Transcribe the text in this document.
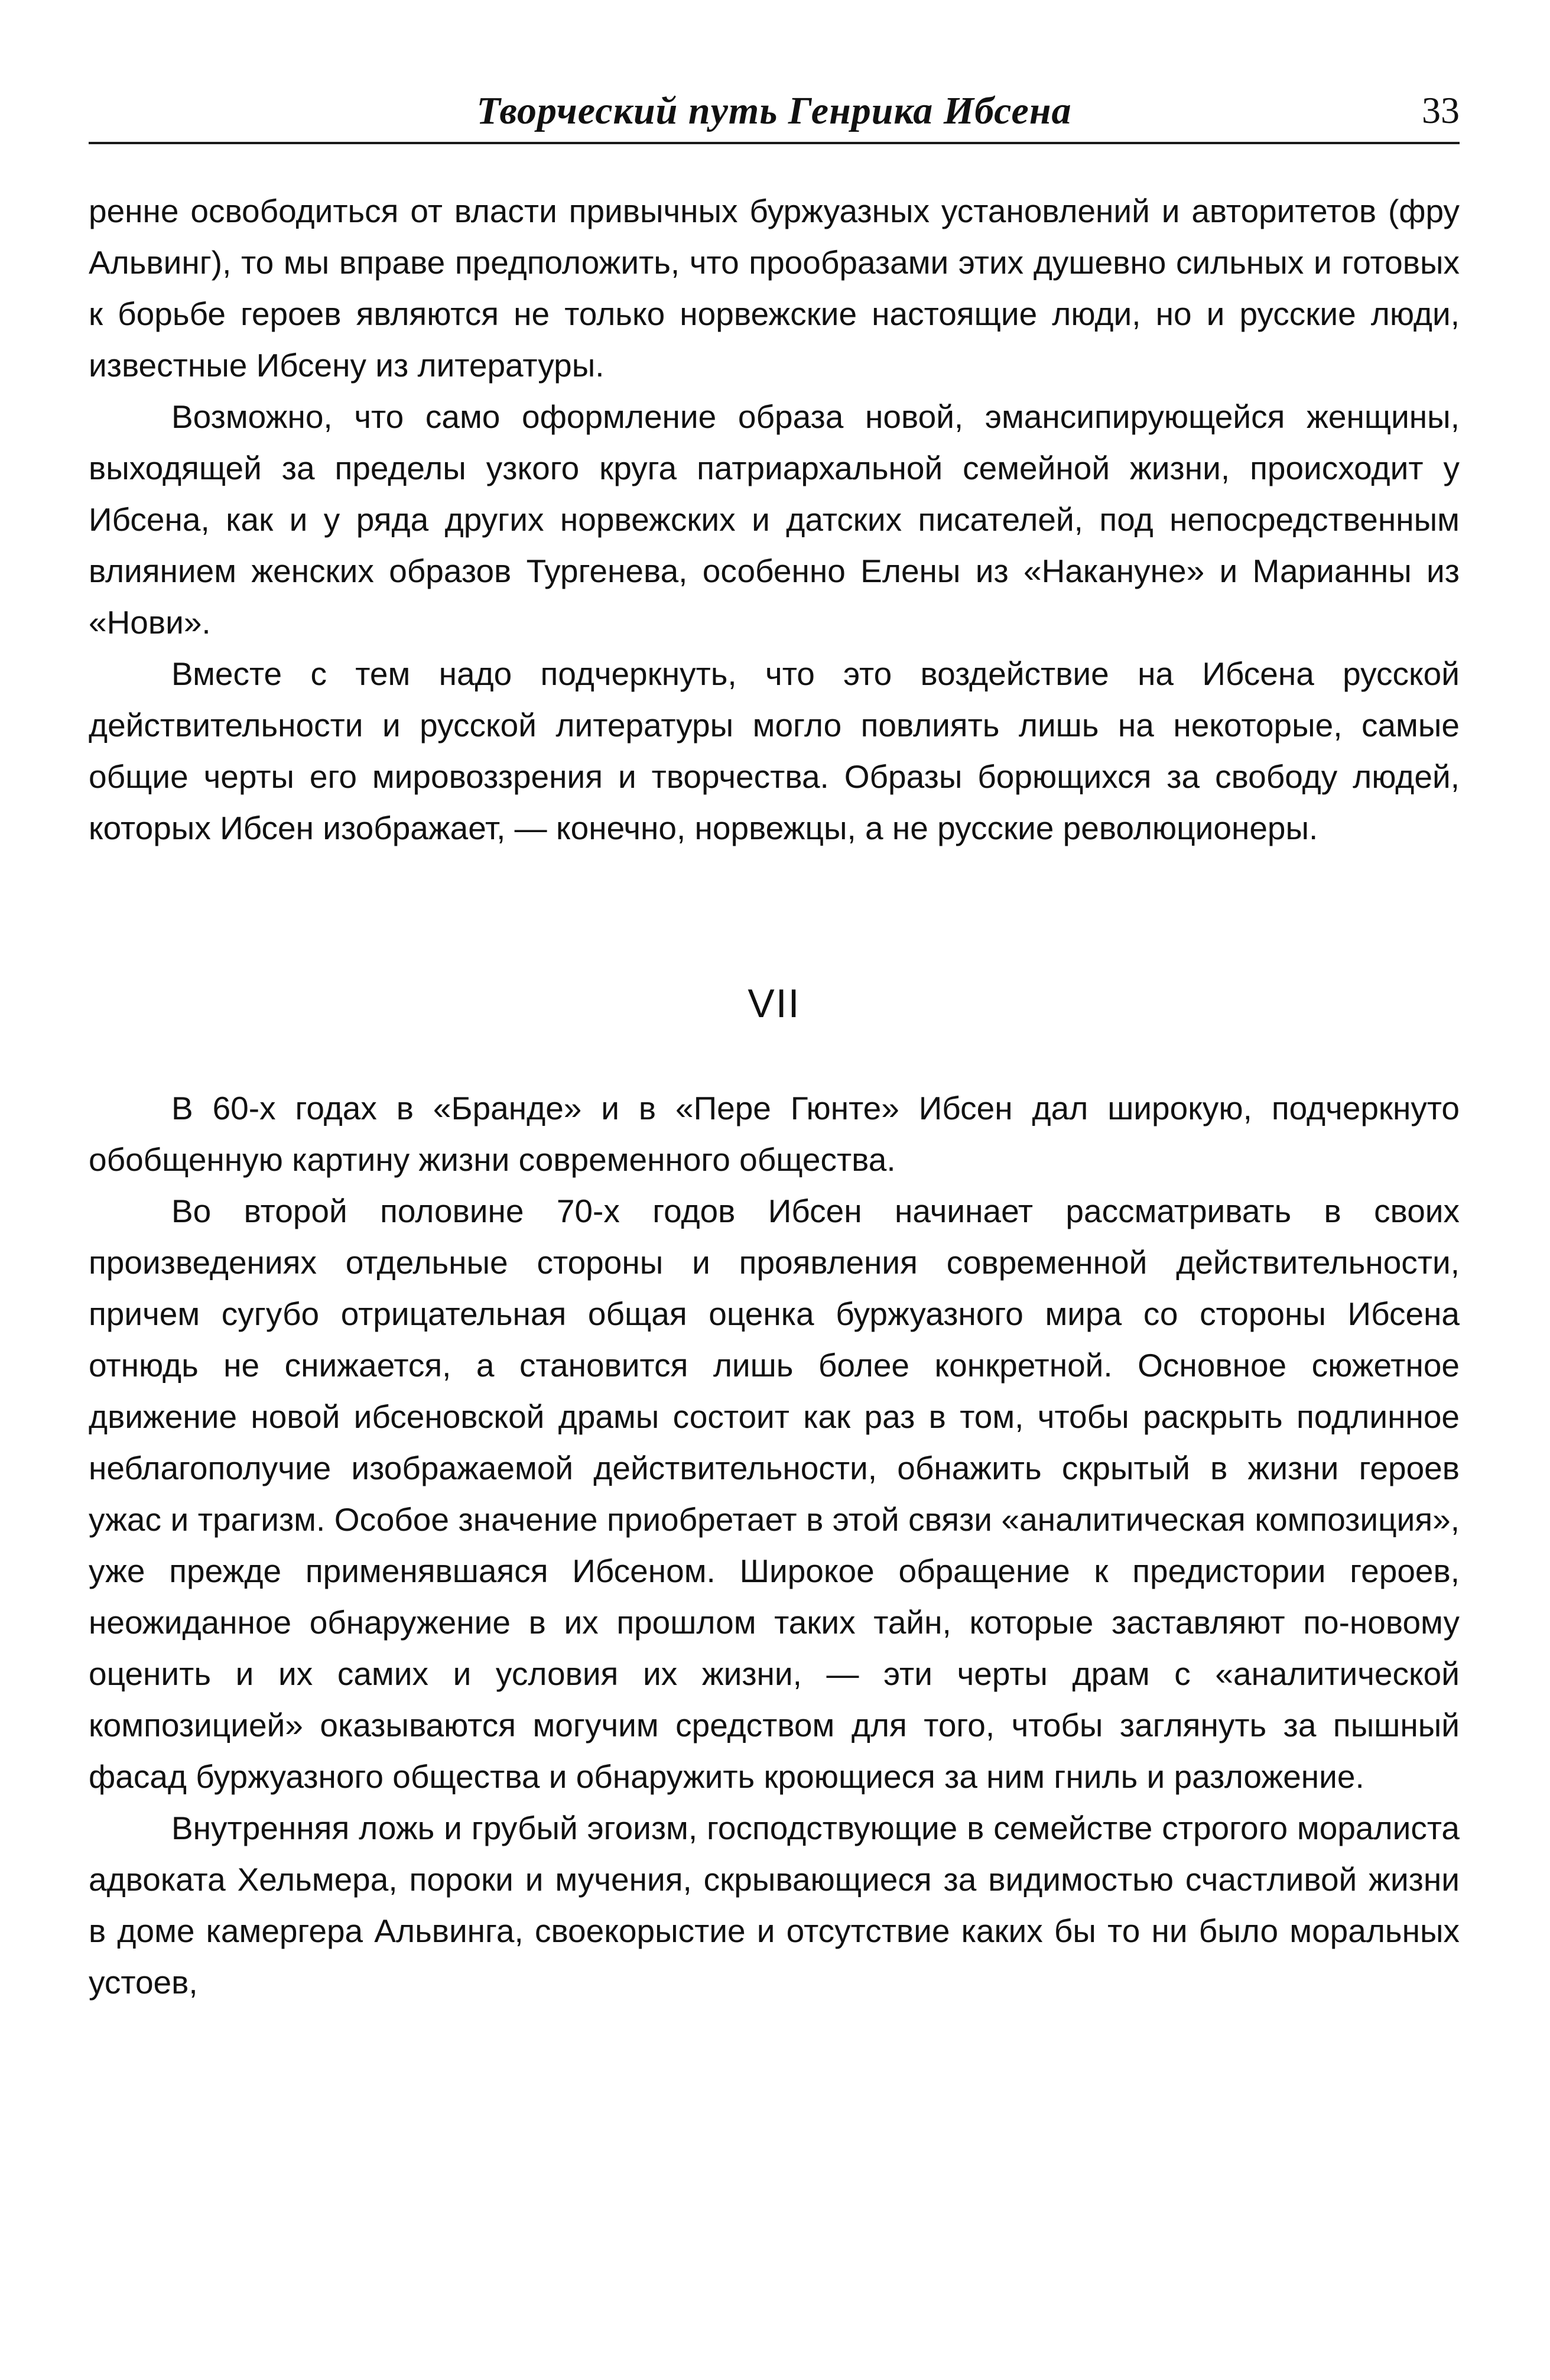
Творческий путь Генрика Ибсена	33

ренне освободиться от власти привычных буржуазных установлений и авторитетов (фру Альвинг), то мы вправе предположить, что прообразами этих душевно сильных и готовых к борьбе героев являются не только норвежские настоящие люди, но и русские люди, известные Ибсену из литературы.

Возможно, что само оформление образа новой, эмансипирующейся женщины, выходящей за пределы узкого круга патриархальной семейной жизни, происходит у Ибсена, как и у ряда других норвежских и датских писателей, под непосредственным влиянием женских образов Тургенева, особенно Елены из «Накануне» и Марианны из «Нови».

Вместе с тем надо подчеркнуть, что это воздействие на Ибсена русской действительности и русской литературы могло повлиять лишь на некоторые, самые общие черты его мировоззрения и творчества. Образы борющихся за свободу людей, которых Ибсен изображает, — конечно, норвежцы, а не русские революционеры.

VII

В 60-х годах в «Бранде» и в «Пере Гюнте» Ибсен дал широкую, подчеркнуто обобщенную картину жизни современного общества.

Во второй половине 70-х годов Ибсен начинает рассматривать в своих произведениях отдельные стороны и проявления современной действительности, причем сугубо отрицательная общая оценка буржуазного мира со стороны Ибсена отнюдь не снижается, а становится лишь более конкретной. Основное сюжетное движение новой ибсеновской драмы состоит как раз в том, чтобы раскрыть подлинное неблагополучие изображаемой действительности, обнажить скрытый в жизни героев ужас и трагизм. Особое значение приобретает в этой связи «аналитическая композиция», уже прежде применявшаяся Ибсеном. Широкое обращение к предистории героев, неожиданное обнаружение в их прошлом таких тайн, которые заставляют по-новому оценить и их самих и условия их жизни, — эти черты драм с «аналитической композицией» оказываются могучим средством для того, чтобы заглянуть за пышный фасад буржуазного общества и обнаружить кроющиеся за ним гниль и разложение.

Внутренняя ложь и грубый эгоизм, господствующие в семействе строгого моралиста адвоката Хельмера, пороки и мучения, скрывающиеся за видимостью счастливой жизни в доме камергера Альвинга, своекорыстие и отсутствие каких бы то ни было моральных устоев,
